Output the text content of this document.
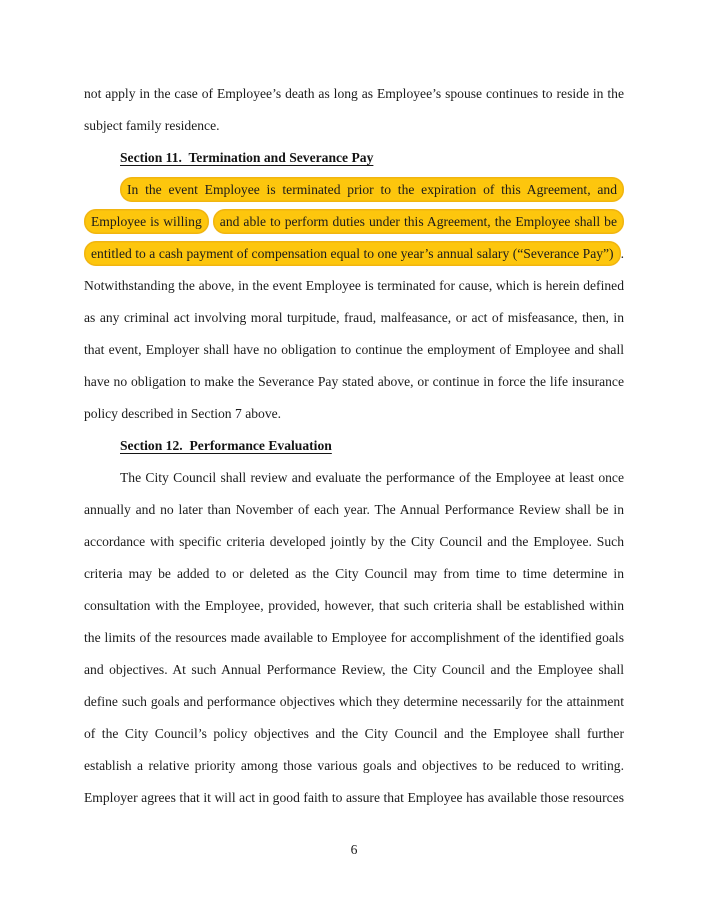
not apply in the case of Employee’s death as long as Employee’s spouse continues to reside in the
subject family residence.
Section 11.  Termination and Severance Pay
In the event Employee is terminated prior to the expiration of this Agreement, and
Employee is willing and able to perform duties under this Agreement, the Employee shall be
entitled to a cash payment of compensation equal to one year’s annual salary (“Severance Pay”) .
Notwithstanding the above, in the event Employee is terminated for cause, which is herein defined
as any criminal act involving moral turpitude, fraud, malfeasance, or act of misfeasance, then, in
that event, Employer shall have no obligation to continue the employment of Employee and shall
have no obligation to make the Severance Pay stated above, or continue in force the life insurance
policy described in Section 7 above.
Section 12.  Performance Evaluation
The City Council shall review and evaluate the performance of the Employee at least once
annually and no later than November of each year. The Annual Performance Review shall be in
accordance with specific criteria developed jointly by the City Council and the Employee. Such
criteria may be added to or deleted as the City Council may from time to time determine in
consultation with the Employee, provided, however, that such criteria shall be established within
the limits of the resources made available to Employee for accomplishment of the identified goals
and objectives. At such Annual Performance Review, the City Council and the Employee shall
define such goals and performance objectives which they determine necessarily for the attainment
of the City Council’s policy objectives and the City Council and the Employee shall further
establish a relative priority among those various goals and objectives to be reduced to writing.
Employer agrees that it will act in good faith to assure that Employee has available those resources
6
